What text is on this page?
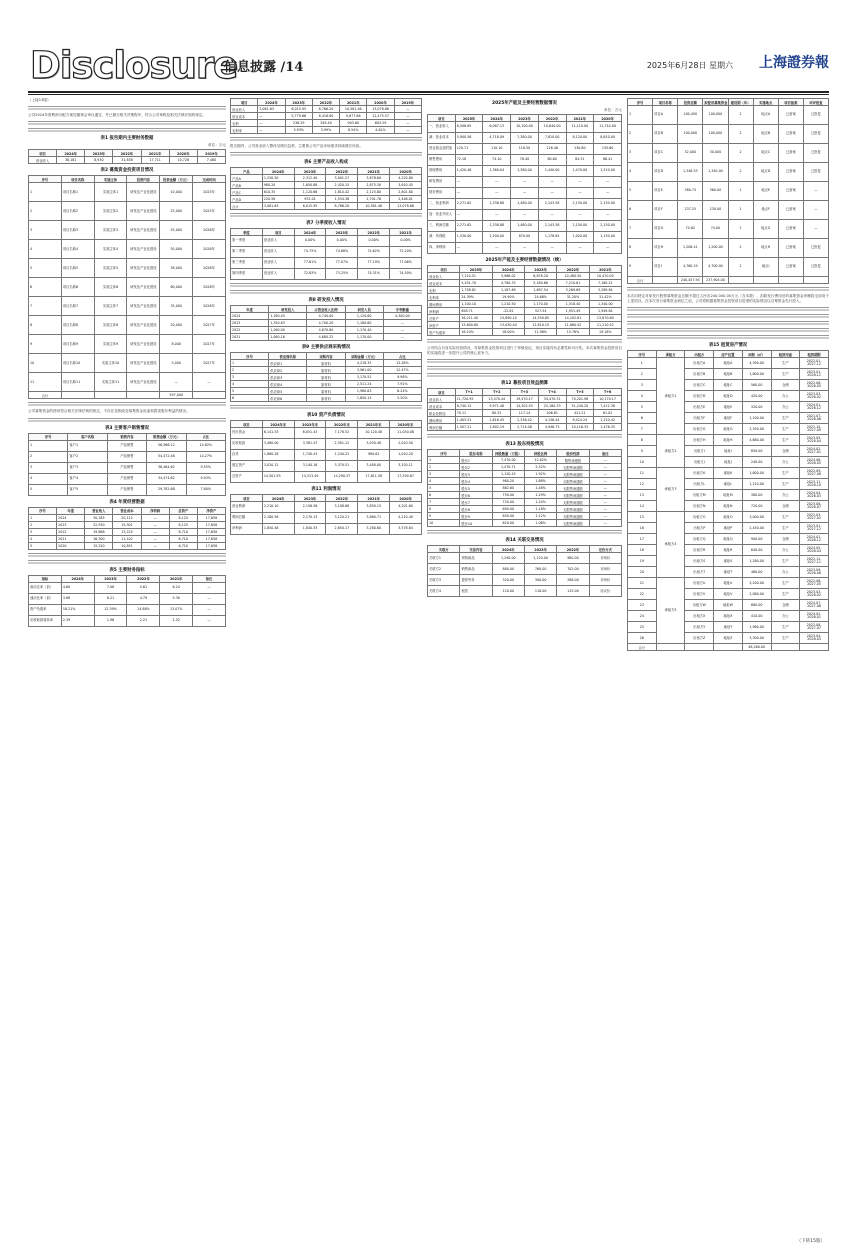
Disclosure
信息披露 /14	2025年6月28日 星期六 上海證券報

（上接13版）

公司2024年度利润分配方案经董事会审议通过，并已履行相关决策程序，符合公司章程及相关法律法规的规定。

表1 报告期内主要财务数据
单位：万元
项目	2024年	2023年	2022年	2021年	2020年	2019年
营业收入	38,181	8,930	31,838	17,711	10,728	7,480
表2 募集资金投资项目情况
序号	项目名称	实施主体	投资内容	投资金额（万元）	完成时间
1	项目名称1	实施主体1	研发及产业化建设	10,000	2025年
2	项目名称2	实施主体2	研发及产业化建设	25,000	2025年
3	项目名称3	实施主体3	研发及产业化建设	55,000	2026年
4	项目名称4	实施主体4	研发及产业化建设	50,000	2026年
5	项目名称5	实施主体5	研发及产业化建设	58,000	2026年
6	项目名称6	实施主体6	研发及产业化建设	60,000	2026年
7	项目名称7	实施主体7	研发及产业化建设	35,000	2026年
8	项目名称8	实施主体8	研发及产业化建设	20,000	2027年
9	项目名称9	实施主体9	研发及产业化建设	8,000	2027年
10	项目名称10	实施主体10	研发及产业化建设	5,000	2027年
11	项目名称11	实施主体11	研发及产业化建设	—	—
合计				397,000	

公司募集资金的使用符合相关法律法规的规定，不存在变相改变募集资金用途和损害股东利益的情况。

表3 主要客户销售情况
序号	客户名称	销售内容	销售金额（万元）	占比
1	客户1	产品销售	56,566.12	14.82%
2	客户2	产品销售	54,472.46	14.27%
3	客户3	产品销售	36,464.62	9.55%
4	客户4	产品销售	34,474.62	9.03%
5	客户5	产品销售	29,782.68	7.80%
表4 年度经营数据
序号	年度	营业收入	营业成本	净利润	总资产	净资产
1	2024	30,185	20,112	—	8,125	17,658
2	2023	22,930	15,301	—	8,125	17,658
3	2022	19,868	13,225	—	6,710	17,658
4	2021	16,300	11,102	—	6,710	17,658
5	2020	15,220	10,851	—	6,710	17,658
表5 主要财务指标
指标	2024年	2023年	2022年	2021年	备注
流动比率（倍）	4.60	7.06	5.61	6.24	—
速动比率（倍）	3.88	6.21	4.79	5.30	—
资产负债率	18.21%	12.39%	14.88%	13.07%	—
应收账款周转率	2.39	1.96	2.21	2.52	—
项目	2024年	2023年	2022年	2021年	2020年	2019年
营业收入	3,061.63	6,015.95	8,766.20	10,581.46	13,078.86	—
营业成本	—	5,779.66	8,416.80	9,677.86	12,475.57	—
毛利	—	236.29	349.40	903.60	603.29	—
毛利率	—	3.93%	3.99%	8.54%	4.61%	—

报告期内，公司营业收入整体呈增长趋势，主要系公司产品市场需求持续增长所致。

表6 主要产品收入构成
产品	2024年	2023年	2022年	2021年	2020年
产品A	1,250.50	2,312.40	3,001.27	3,878.60	4,220.80
产品B	980.20	1,650.88	2,420.15	2,875.30	3,610.45
产品C	610.35	1,120.66	1,810.42	2,125.80	2,801.60
产品D	220.58	932.01	1,534.36	1,701.76	2,446.01
合计	3,061.63	6,015.95	8,766.20	10,581.46	13,078.86
表7 分季度收入情况
季度	项目	2024年	2023年	2022年	2021年
第一季度	营业收入	0.00%	0.00%	0.00%	0.00%
第二季度	营业收入	74.75%	74.68%	74.62%	72.20%
第三季度	营业收入	77.61%	77.07%	77.19%	77.06%
第四季度	营业收入	72.83%	73.25%	74.31%	74.50%
表8 研发投入情况
年度	研发投入	占营业收入比例	研发人员	专利数量
2024	1,180.45	4,740.00	1,120.60	4,300.00
2023	1,350.83	4,700.20	1,180.60	—
2022	1,260.00	4,670.80	1,170.40	—
2021	1,080.16	4,680.32	1,170.00	—
表9 主要供应商采购情况
序号	供应商名称	采购内容	采购金额（万元）	占比
1	供应商1	原材料	4,218.35	13.28%
2	供应商2	原材料	3,961.00	12.47%
3	供应商3	原材料	3,170.51	9.98%
4	供应商4	原材料	2,511.24	7.91%
5	供应商5	原材料	1,980.63	6.24%
6	供应商6	原材料	1,650.15	5.20%
表10 资产负债情况
项目	2024年末	2023年末	2022年末	2021年末	2020年末
货币资金	6,141.53	6,051.43	7,178.52	10,120.48	11,050.06
应收账款	3,480.00	3,381.47	2,501.12	3,030.48	2,010.50
存货	1,860.28	1,740.43	1,240.22	980.62	1,010.20
固定资产	3,020.12	3,140.16	3,370.51	3,480.00	3,520.11
总资产	14,501.93	14,313.49	14,290.37	17,611.58	17,590.87
表11 利润情况
项目	2024年	2023年	2022年	2021年	2020年
营业利润	2,210.10	2,156.56	3,108.88	3,850.15	4,201.60
利润总额	2,180.56	2,170.13	3,120.21	3,860.71	4,210.40
净利润	1,850.48	1,840.33	2,650.17	3,280.60	3,578.84
2025年产能及主要经营数据情况
单位：万元
项目	2025年	2024年	2023年	2022年	2021年	2020年
一、营业收入	8,508.65	6,087.13	10,100.00	10,640.00	11,110.00	11,744.00
减：营业成本	5,900.56	4,718.09	7,380.00	7,810.00	8,120.00	8,610.00
营业税金及附加	120.71	110.10	118.50	126.48	130.80	135.60
销售费用	72.18	74.10	78.40	80.60	84.31	86.41
管理费用	1,420.46	1,380.04	1,380.00	1,440.00	1,470.00	1,510.00
研发费用	—	—	—	—	—	—
财务费用	—	—	—	—	—	—
二、营业利润	2,271.62	1,338.88	1,480.00	2,143.58	2,150.00	2,150.00
加：营业外收入	—	—	—	—	—	—
三、利润总额	2,271.62	1,338.88	1,480.00	2,143.58	2,150.00	2,150.00
减：所得税	1,530.00	1,200.00	870.00	1,178.84	1,020.00	1,150.00
四、净利润	—	—	—	—	—	—
2025年产能及主要经营数据情况（续）
项目	2025年	2024年	2023年	2022年	2021年
营业收入	7,210.51	5,968.02	6,878.20	10,480.50	10,470.05
营业成本	5,451.70	4,780.33	5,180.66	7,210.61	7,180.21
毛利	1,758.81	1,187.69	1,697.54	3,269.89	3,289.84
毛利率	24.39%	19.90%	24.68%	31.20%	31.42%
期间费用	1,100.10	1,210.50	1,170.00	1,318.40	1,340.00
净利润	658.71	-22.81	527.54	1,951.49	1,949.84
总资产	16,211.40	15,890.10	14,550.85	14,102.81	13,870.60
净资产	13,600.80	13,030.40	12,810.15	11,880.42	11,210.52
资产负债率	16.10%	18.00%	11.96%	15.76%	19.18%

公司结合自身实际经营情况，对募集资金投资项目进行了审慎论证，项目实施具有必要性和可行性。本次募集资金投资项目的实施将进一步提升公司的核心竞争力。

表12 募投项目效益测算
项目	T+1	T+2	T+3	T+4	T+5	T+6
营业收入	11,720.95	13,470.44	19,470.17	34,470.31	70,201.98	10,170.17
营业成本	8,740.12	9,971.48	14,302.55	25,180.33	51,240.20	7,412.38
税金及附加	70.11	80.32	117.14	206.81	421.21	61.02
期间费用	1,403.51	1,616.45	2,336.42	4,136.44	8,424.24	1,220.42
利润总额	1,507.21	1,802.19	2,714.06	4,946.73	10,116.33	1,476.35
表13 股东持股情况
序号	股东名称	持股数量（万股）	持股比例	股份性质	备注
1	股东1	7,470.00	12.82%	限售流通股	—
2	股东2	1,470.71	2.52%	无限售流通股	—
3	股东3	1,120.43	1.92%	无限售流通股	—
4	股东4	980.20	1.68%	无限售流通股	—
5	股东5	862.60	1.48%	无限售流通股	—
6	股东6	750.00	1.29%	无限售流通股	—
7	股东7	720.00	1.24%	无限售流通股	—
8	股东8	690.00	1.18%	无限售流通股	—
9	股东9	650.00	1.12%	无限售流通股	—
10	股东10	620.00	1.06%	无限售流通股	—
表14 关联交易情况
关联方	交易内容	2024年	2023年	2022年	定价方式
关联方1	采购商品	1,290.00	1,120.00	980.00	市场价
关联方2	销售商品	880.00	760.00	702.00	市场价
关联方3	提供劳务	320.00	300.00	288.00	市场价
关联方4	租赁	120.00	118.00	115.00	协议价
序号	项目名称	投资总额	拟使用募集资金	建设期（年）	实施地点	项目备案	环评批复
1	项目A	100,450	100,000	2	地点A	已备案	已批复
2	项目B	100,000	100,000	2	地点B	已备案	已批复
3	项目C	32,000	30,000	2	地点C	已备案	已批复
4	项目D	1,346.53	1,340.00	2	地点D	已备案	已批复
5	项目E	380.74	360.00	1	地点E	已备案	—
6	项目F	237.25	230.00	1	地点F	已备案	—
7	项目G	74.82	74.00	1	地点G	已备案	—
8	项目H	1,208.41	1,200.00	2	地点H	已备案	已批复
9	项目I	4,760.19	4,700.00	2	地点I	已备案	已批复
合计		240,457.94	237,904.00				

本次向特定对象发行股票募集资金总额不超过人民币240,000.00万元（含本数），扣除发行费用后的募集资金净额将全部用于上述项目。在本次发行募集资金到位之前，公司将根据募集资金投资项目进度的实际情况以自筹资金先行投入。

表15 租赁房产情况
序号	承租方	出租方	房产位置	面积（㎡）	租赁用途	租赁期限
1	承租方1	出租方A	地址A	4,390.00	生产	2022.01-2027.12
2		出租方B	地址B	1,800.00	生产	2023.01-2028.12
3		出租方C	地址C	560.00	仓储	2022.06-2026.05
4		出租方D	地址D	420.00	办公	2023.03-2026.02
5		出租方E	地址E	320.00	办公	2024.01-2026.12
6		出租方F	地址F	1,100.00	生产	2021.07-2026.06
7		出租方G	地址G	2,350.00	生产	2022.10-2027.09
8	承租方2	出租方H	地址H	4,680.00	生产	2023.05-2028.04
9		出租方I	地址I	850.00	仓储	2024.02-2027.01
10		出租方J	地址J	240.00	办公	2024.06-2026.05
11	承租方3	出租方K	地址K	1,600.00	生产	2022.09-2027.08
12		出租方L	地址L	1,210.00	生产	2023.11-2028.10
13		出租方M	地址M	380.00	办公	2024.04-2026.03
14		出租方N	地址N	720.00	仓储	2023.08-2026.07
15	承租方4	出租方O	地址O	3,000.00	生产	2022.03-2027.02
16		出租方P	地址P	2,450.00	生产	2023.01-2027.12
17		出租方Q	地址Q	900.00	仓储	2024.01-2026.12
18		出租方R	地址R	640.00	办公	2024.05-2026.04
19		出租方S	地址S	1,280.00	生产	2022.12-2027.11
20		出租方T	地址T	460.00	办公	2023.09-2026.08
21	承租方5	出租方U	地址U	5,200.00	生产	2022.06-2027.05
22		出租方V	地址V	2,080.00	生产	2023.03-2028.02
23		出租方W	地址W	880.00	仓储	2024.07-2027.06
24		出租方X	地址X	410.00	办公	2024.02-2026.01
25		出租方Y	地址Y	1,960.00	生产	2022.08-2027.07
26		出租方Z	地址Z	3,300.00	生产	2023.04-2028.03
合计				48,260.00		
（下转15版）
